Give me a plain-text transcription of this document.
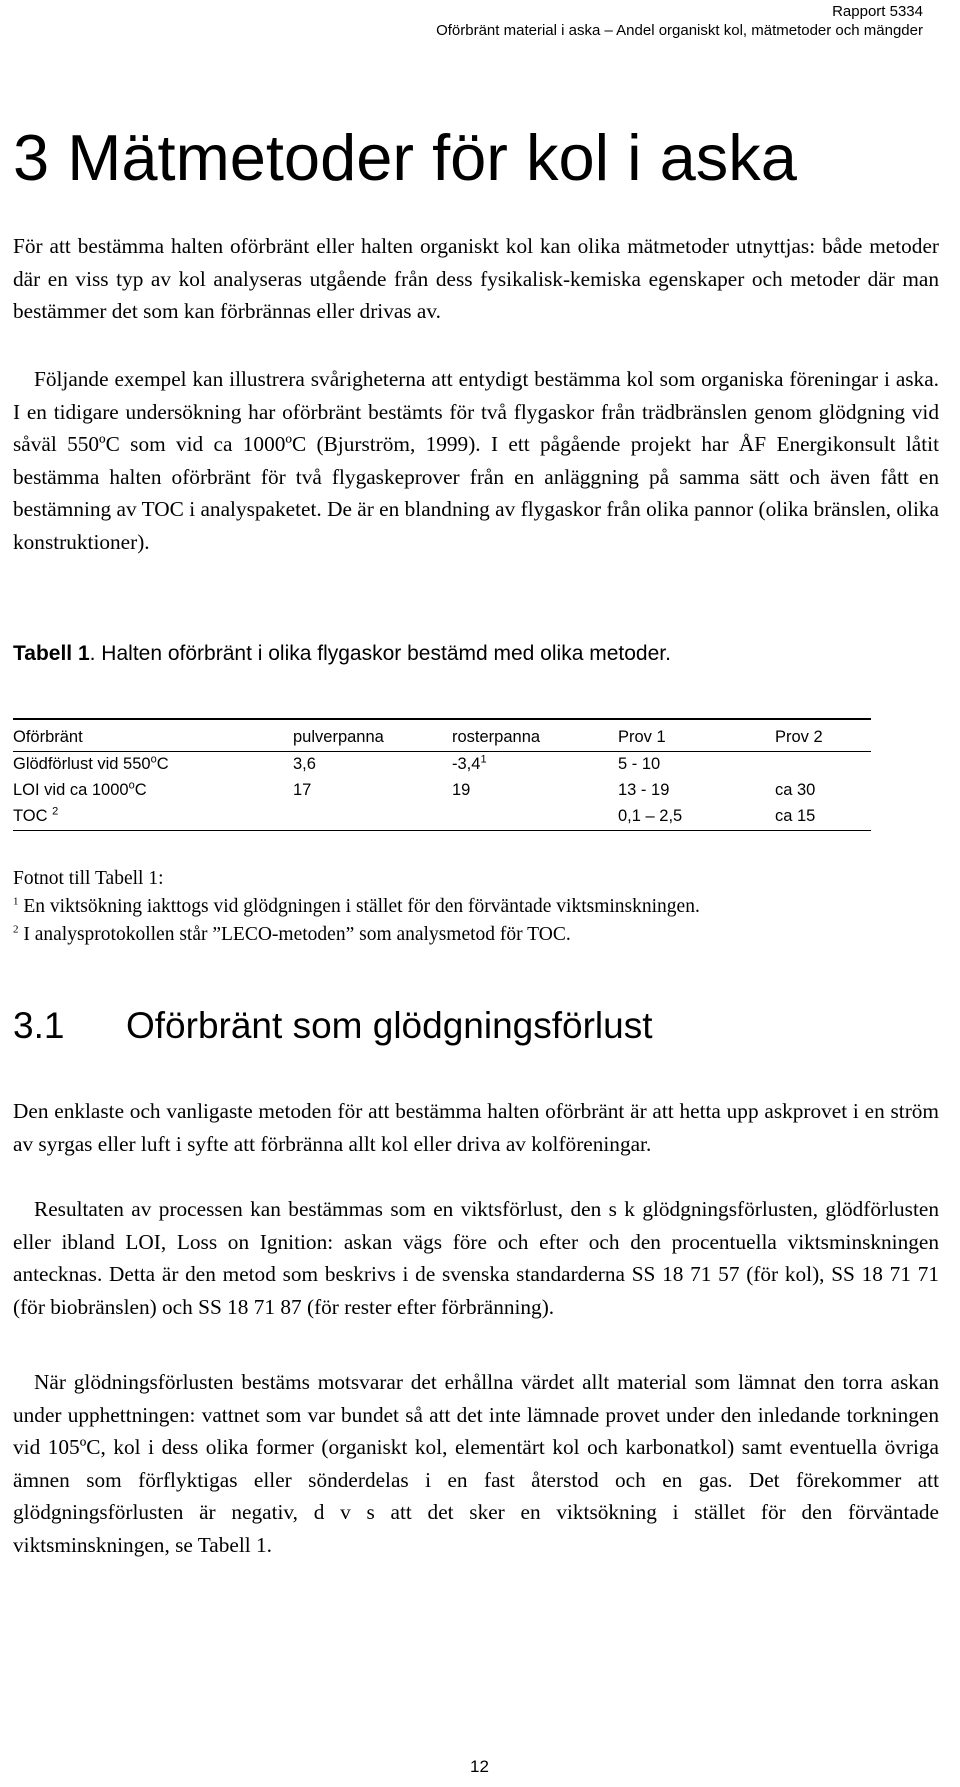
Rapport 5334
Oförbränt material i aska – Andel organiskt kol, mätmetoder och mängder
3 Mätmetoder för kol i aska

För att bestämma halten oförbränt eller halten organiskt kol kan olika mätmetoder utnyttjas: både metoder där en viss typ av kol analyseras utgående från dess fysikalisk-kemiska egenskaper och metoder där man bestämmer det som kan förbrännas eller drivas av.

Följande exempel kan illustrera svårigheterna att entydigt bestämma kol som organiska föreningar i aska. I en tidigare undersökning har oförbränt bestämts för två flygaskor från trädbränslen genom glödgning vid såväl 550ºC som vid ca 1000ºC (Bjurström, 1999). I ett pågående projekt har ÅF Energikonsult låtit bestämma halten oförbränt för två flygaskeprover från en anläggning på samma sätt och även fått en bestämning av TOC i analyspaketet. De är en blandning av flygaskor från olika pannor (olika bränslen, olika konstruktioner).

Tabell 1. Halten oförbränt i olika flygaskor bestämd med olika metoder.

Oförbränt	pulverpanna	rosterpanna	Prov 1	Prov 2
Glödförlust vid 550$^o$C	3,6	$-3,4^1$	5 - 10	
LOI vid ca 1000$^o$C	17	19	13 - 19	ca 30
TOC $^2$			0,1 – 2,5	ca 15

Fotnot till Tabell 1:

$^1$ En viktsökning iakttogs vid glödgningen i stället för den förväntade viktsminskningen.

$^2$ I analysprotokollen står ”LECO-metoden” som analysmetod för TOC.

3.1 Oförbränt som glödgningsförlust

Den enklaste och vanligaste metoden för att bestämma halten oförbränt är att hetta upp askprovet i en ström av syrgas eller luft i syfte att förbränna allt kol eller driva av kolföreningar.

Resultaten av processen kan bestämmas som en viktsförlust, den s k glödgningsförlusten, glödförlusten eller ibland LOI, Loss on Ignition: askan vägs före och efter och den procentuella viktsminskningen antecknas. Detta är den metod som beskrivs i de svenska standarderna SS 18 71 57 (för kol), SS 18 71 71 (för biobränslen) och SS 18 71 87 (för rester efter förbränning).

När glödningsförlusten bestäms motsvarar det erhållna värdet allt material som lämnat den torra askan under upphettningen: vattnet som var bundet så att det inte lämnade provet under den inledande torkningen vid 105ºC, kol i dess olika former (organiskt kol, elementärt kol och karbonatkol) samt eventuella övriga ämnen som förflyktigas eller sönderdelas i en fast återstod och en gas. Det förekommer att glödgningsförlusten är negativ, d v s att det sker en viktsökning i stället för den förväntade viktsminskningen, se Tabell 1.

12
